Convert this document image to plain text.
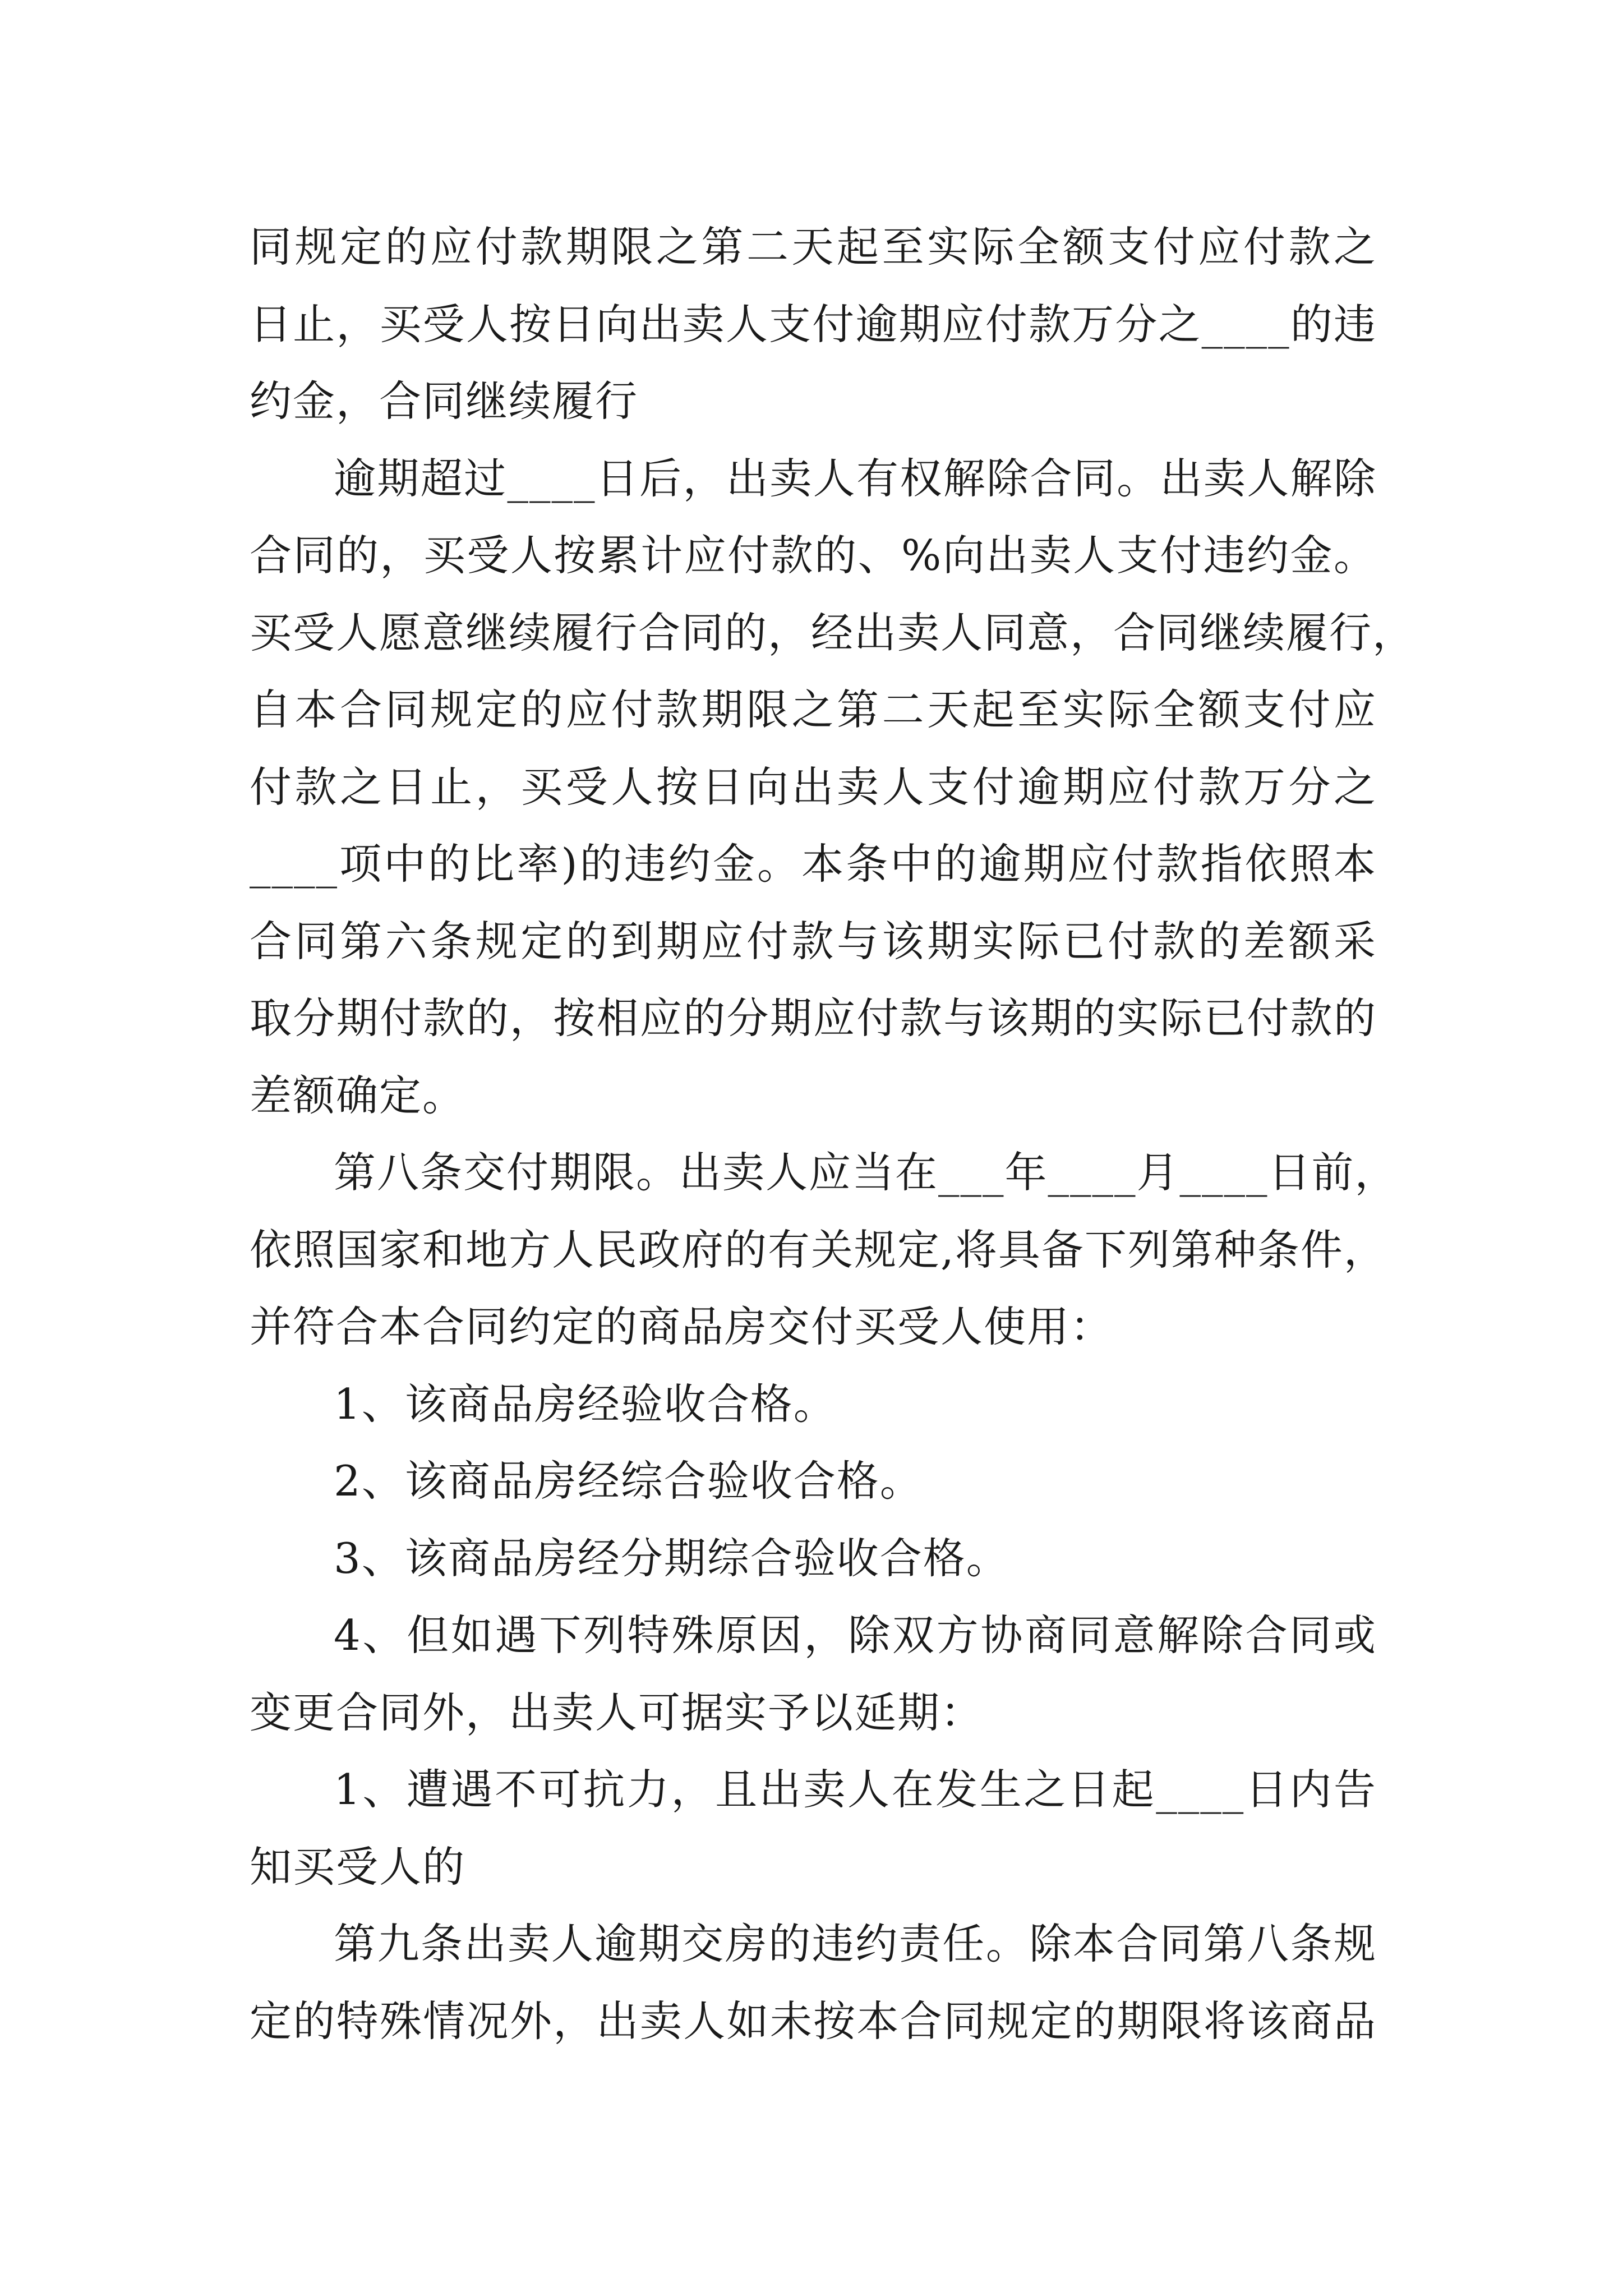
同规定的应付款期限之第二天起至实际全额支付应付款之
日止，买受人按日向出卖人支付逾期应付款万分之____的违
约金，合同继续履行
逾期超过____日后，出卖人有权解除合同。出卖人解除
合同的，买受人按累计应付款的、%向出卖人支付违约金。
买受人愿意继续履行合同的，经出卖人同意，合同继续履行，
自本合同规定的应付款期限之第二天起至实际全额支付应
付款之日止，买受人按日向出卖人支付逾期应付款万分之
____项中的比率)的违约金。本条中的逾期应付款指依照本
合同第六条规定的到期应付款与该期实际已付款的差额采
取分期付款的，按相应的分期应付款与该期的实际已付款的
差额确定。
第八条交付期限。出卖人应当在___年____月____日前，
依照国家和地方人民政府的有关规定,将具备下列第种条件，
并符合本合同约定的商品房交付买受人使用：
1、该商品房经验收合格。
2、该商品房经综合验收合格。
3、该商品房经分期综合验收合格。
4、但如遇下列特殊原因，除双方协商同意解除合同或
变更合同外，出卖人可据实予以延期：
1、遭遇不可抗力，且出卖人在发生之日起____日内告
知买受人的
第九条出卖人逾期交房的违约责任。除本合同第八条规
定的特殊情况外，出卖人如未按本合同规定的期限将该商品
